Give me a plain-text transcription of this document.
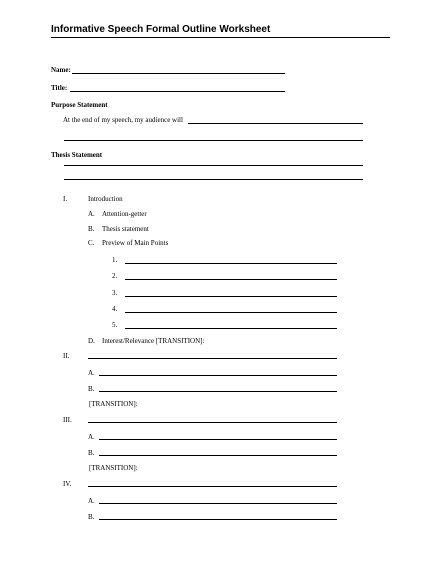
Informative Speech Formal Outline Worksheet
Name:
Title:
Purpose Statement
At the end of my speech, my audience will
Thesis Statement
I.	Introduction
A. Attention-getter
B. Thesis statement
C. Preview of Main Points
1.
2.
3.
4.
5.
D. Interest/Relevance [TRANSITION]:
II.
A.
B.
[TRANSITION]:
III.
A.
B.
[TRANSITION]:
IV.
A.
B.
